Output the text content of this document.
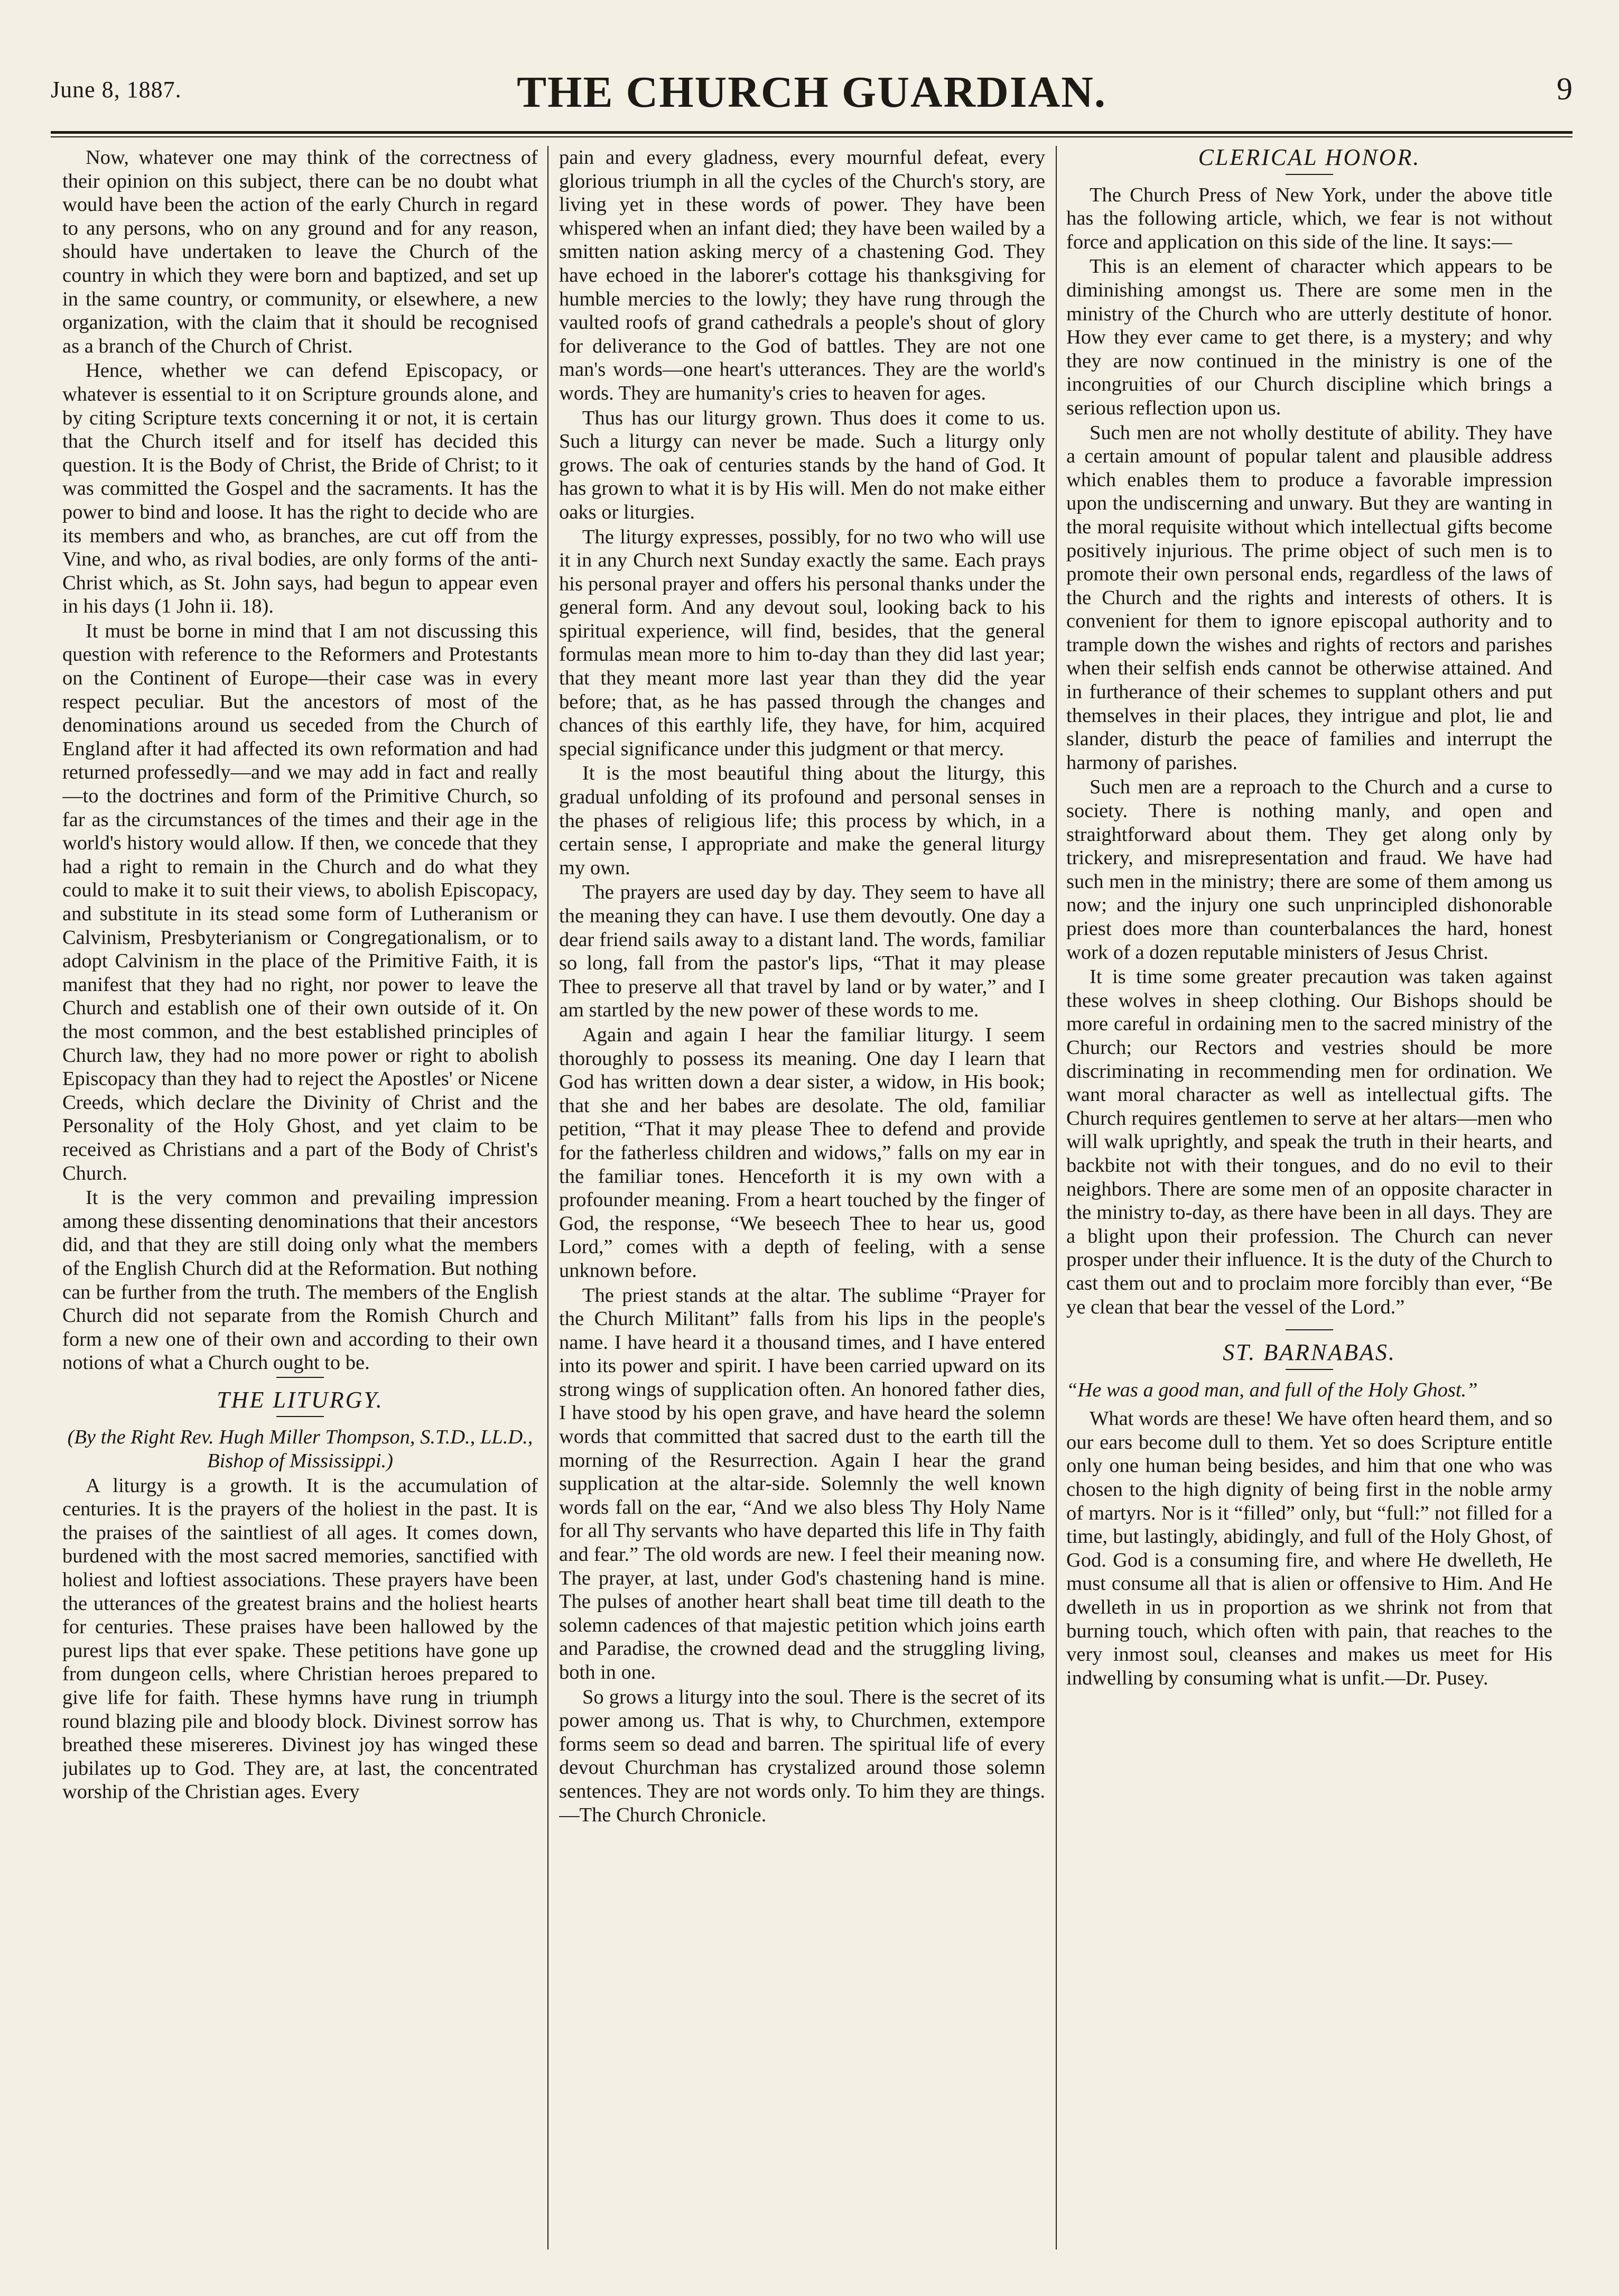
June 8, 1887.	THE CHURCH GUARDIAN.	9

Now, whatever one may think of the correctness of their opinion on this subject, there can be no doubt what would have been the action of the early Church in regard to any persons, who on any ground and for any reason, should have undertaken to leave the Church of the country in which they were born and baptized, and set up in the same country, or community, or elsewhere, a new organization, with the claim that it should be recognised as a branch of the Church of Christ.

Hence, whether we can defend Episcopacy, or whatever is essential to it on Scripture grounds alone, and by citing Scripture texts concerning it or not, it is certain that the Church itself and for itself has decided this question. It is the Body of Christ, the Bride of Christ; to it was committed the Gospel and the sacraments. It has the power to bind and loose. It has the right to decide who are its members and who, as branches, are cut off from the Vine, and who, as rival bodies, are only forms of the anti-Christ which, as St. John says, had begun to appear even in his days (1 John ii. 18).

It must be borne in mind that I am not discussing this question with reference to the Reformers and Protestants on the Continent of Europe—their case was in every respect peculiar. But the ancestors of most of the denominations around us seceded from the Church of England after it had affected its own reformation and had returned professedly—and we may add in fact and really—to the doctrines and form of the Primitive Church, so far as the circumstances of the times and their age in the world's history would allow. If then, we concede that they had a right to remain in the Church and do what they could to make it to suit their views, to abolish Episcopacy, and substitute in its stead some form of Lutheranism or Calvinism, Presbyterianism or Congregationalism, or to adopt Calvinism in the place of the Primitive Faith, it is manifest that they had no right, nor power to leave the Church and establish one of their own outside of it. On the most common, and the best established principles of Church law, they had no more power or right to abolish Episcopacy than they had to reject the Apostles' or Nicene Creeds, which declare the Divinity of Christ and the Personality of the Holy Ghost, and yet claim to be received as Christians and a part of the Body of Christ's Church.

It is the very common and prevailing impression among these dissenting denominations that their ancestors did, and that they are still doing only what the members of the English Church did at the Reformation. But nothing can be further from the truth. The members of the English Church did not separate from the Romish Church and form a new one of their own and according to their own notions of what a Church ought to be.

THE LITURGY.

(By the Right Rev. Hugh Miller Thompson, S.T.D., LL.D., Bishop of Mississippi.)

A liturgy is a growth. It is the accumulation of centuries. It is the prayers of the holiest in the past. It is the praises of the saintliest of all ages. It comes down, burdened with the most sacred memories, sanctified with holiest and loftiest associations. These prayers have been the utterances of the greatest brains and the holiest hearts for centuries. These praises have been hallowed by the purest lips that ever spake. These petitions have gone up from dungeon cells, where Christian heroes prepared to give life for faith. These hymns have rung in triumph round blazing pile and bloody block. Divinest sorrow has breathed these misereres. Divinest joy has winged these jubilates up to God. They are, at last, the concentrated worship of the Christian ages. Every

pain and every gladness, every mournful defeat, every glorious triumph in all the cycles of the Church's story, are living yet in these words of power. They have been whispered when an infant died; they have been wailed by a smitten nation asking mercy of a chastening God. They have echoed in the laborer's cottage his thanksgiving for humble mercies to the lowly; they have rung through the vaulted roofs of grand cathedrals a people's shout of glory for deliverance to the God of battles. They are not one man's words—one heart's utterances. They are the world's words. They are humanity's cries to heaven for ages.

Thus has our liturgy grown. Thus does it come to us. Such a liturgy can never be made. Such a liturgy only grows. The oak of centuries stands by the hand of God. It has grown to what it is by His will. Men do not make either oaks or liturgies.

The liturgy expresses, possibly, for no two who will use it in any Church next Sunday exactly the same. Each prays his personal prayer and offers his personal thanks under the general form. And any devout soul, looking back to his spiritual experience, will find, besides, that the general formulas mean more to him to-day than they did last year; that they meant more last year than they did the year before; that, as he has passed through the changes and chances of this earthly life, they have, for him, acquired special significance under this judgment or that mercy.

It is the most beautiful thing about the liturgy, this gradual unfolding of its profound and personal senses in the phases of religious life; this process by which, in a certain sense, I appropriate and make the general liturgy my own.

The prayers are used day by day. They seem to have all the meaning they can have. I use them devoutly. One day a dear friend sails away to a distant land. The words, familiar so long, fall from the pastor's lips, “That it may please Thee to preserve all that travel by land or by water,” and I am startled by the new power of these words to me.

Again and again I hear the familiar liturgy. I seem thoroughly to possess its meaning. One day I learn that God has written down a dear sister, a widow, in His book; that she and her babes are desolate. The old, familiar petition, “That it may please Thee to defend and provide for the fatherless children and widows,” falls on my ear in the familiar tones. Henceforth it is my own with a profounder meaning. From a heart touched by the finger of God, the response, “We beseech Thee to hear us, good Lord,” comes with a depth of feeling, with a sense unknown before.

The priest stands at the altar. The sublime “Prayer for the Church Militant” falls from his lips in the people's name. I have heard it a thousand times, and I have entered into its power and spirit. I have been carried upward on its strong wings of supplication often. An honored father dies, I have stood by his open grave, and have heard the solemn words that committed that sacred dust to the earth till the morning of the Resurrection. Again I hear the grand supplication at the altar-side. Solemnly the well known words fall on the ear, “And we also bless Thy Holy Name for all Thy servants who have departed this life in Thy faith and fear.” The old words are new. I feel their meaning now. The prayer, at last, under God's chastening hand is mine. The pulses of another heart shall beat time till death to the solemn cadences of that majestic petition which joins earth and Paradise, the crowned dead and the struggling living, both in one.

So grows a liturgy into the soul. There is the secret of its power among us. That is why, to Churchmen, extempore forms seem so dead and barren. The spiritual life of every devout Churchman has crystalized around those solemn sentences. They are not words only. To him they are things.—The Church Chronicle.

CLERICAL HONOR.

The Church Press of New York, under the above title has the following article, which, we fear is not without force and application on this side of the line. It says:—

This is an element of character which appears to be diminishing amongst us. There are some men in the ministry of the Church who are utterly destitute of honor. How they ever came to get there, is a mystery; and why they are now continued in the ministry is one of the incongruities of our Church discipline which brings a serious reflection upon us.

Such men are not wholly destitute of ability. They have a certain amount of popular talent and plausible address which enables them to produce a favorable impression upon the undiscerning and unwary. But they are wanting in the moral requisite without which intellectual gifts become positively injurious. The prime object of such men is to promote their own personal ends, regardless of the laws of the Church and the rights and interests of others. It is convenient for them to ignore episcopal authority and to trample down the wishes and rights of rectors and parishes when their selfish ends cannot be otherwise attained. And in furtherance of their schemes to supplant others and put themselves in their places, they intrigue and plot, lie and slander, disturb the peace of families and interrupt the harmony of parishes.

Such men are a reproach to the Church and a curse to society. There is nothing manly, and open and straightforward about them. They get along only by trickery, and misrepresentation and fraud. We have had such men in the ministry; there are some of them among us now; and the injury one such unprincipled dishonorable priest does more than counterbalances the hard, honest work of a dozen reputable ministers of Jesus Christ.

It is time some greater precaution was taken against these wolves in sheep clothing. Our Bishops should be more careful in ordaining men to the sacred ministry of the Church; our Rectors and vestries should be more discriminating in recommending men for ordination. We want moral character as well as intellectual gifts. The Church requires gentlemen to serve at her altars—men who will walk uprightly, and speak the truth in their hearts, and backbite not with their tongues, and do no evil to their neighbors. There are some men of an opposite character in the ministry to-day, as there have been in all days. They are a blight upon their profession. The Church can never prosper under their influence. It is the duty of the Church to cast them out and to proclaim more forcibly than ever, “Be ye clean that bear the vessel of the Lord.”

ST. BARNABAS.

“He was a good man, and full of the Holy Ghost.”

What words are these! We have often heard them, and so our ears become dull to them. Yet so does Scripture entitle only one human being besides, and him that one who was chosen to the high dignity of being first in the noble army of martyrs. Nor is it “filled” only, but “full:” not filled for a time, but lastingly, abidingly, and full of the Holy Ghost, of God. God is a consuming fire, and where He dwelleth, He must consume all that is alien or offensive to Him. And He dwelleth in us in proportion as we shrink not from that burning touch, which often with pain, that reaches to the very inmost soul, cleanses and makes us meet for His indwelling by consuming what is unfit.—Dr. Pusey.
